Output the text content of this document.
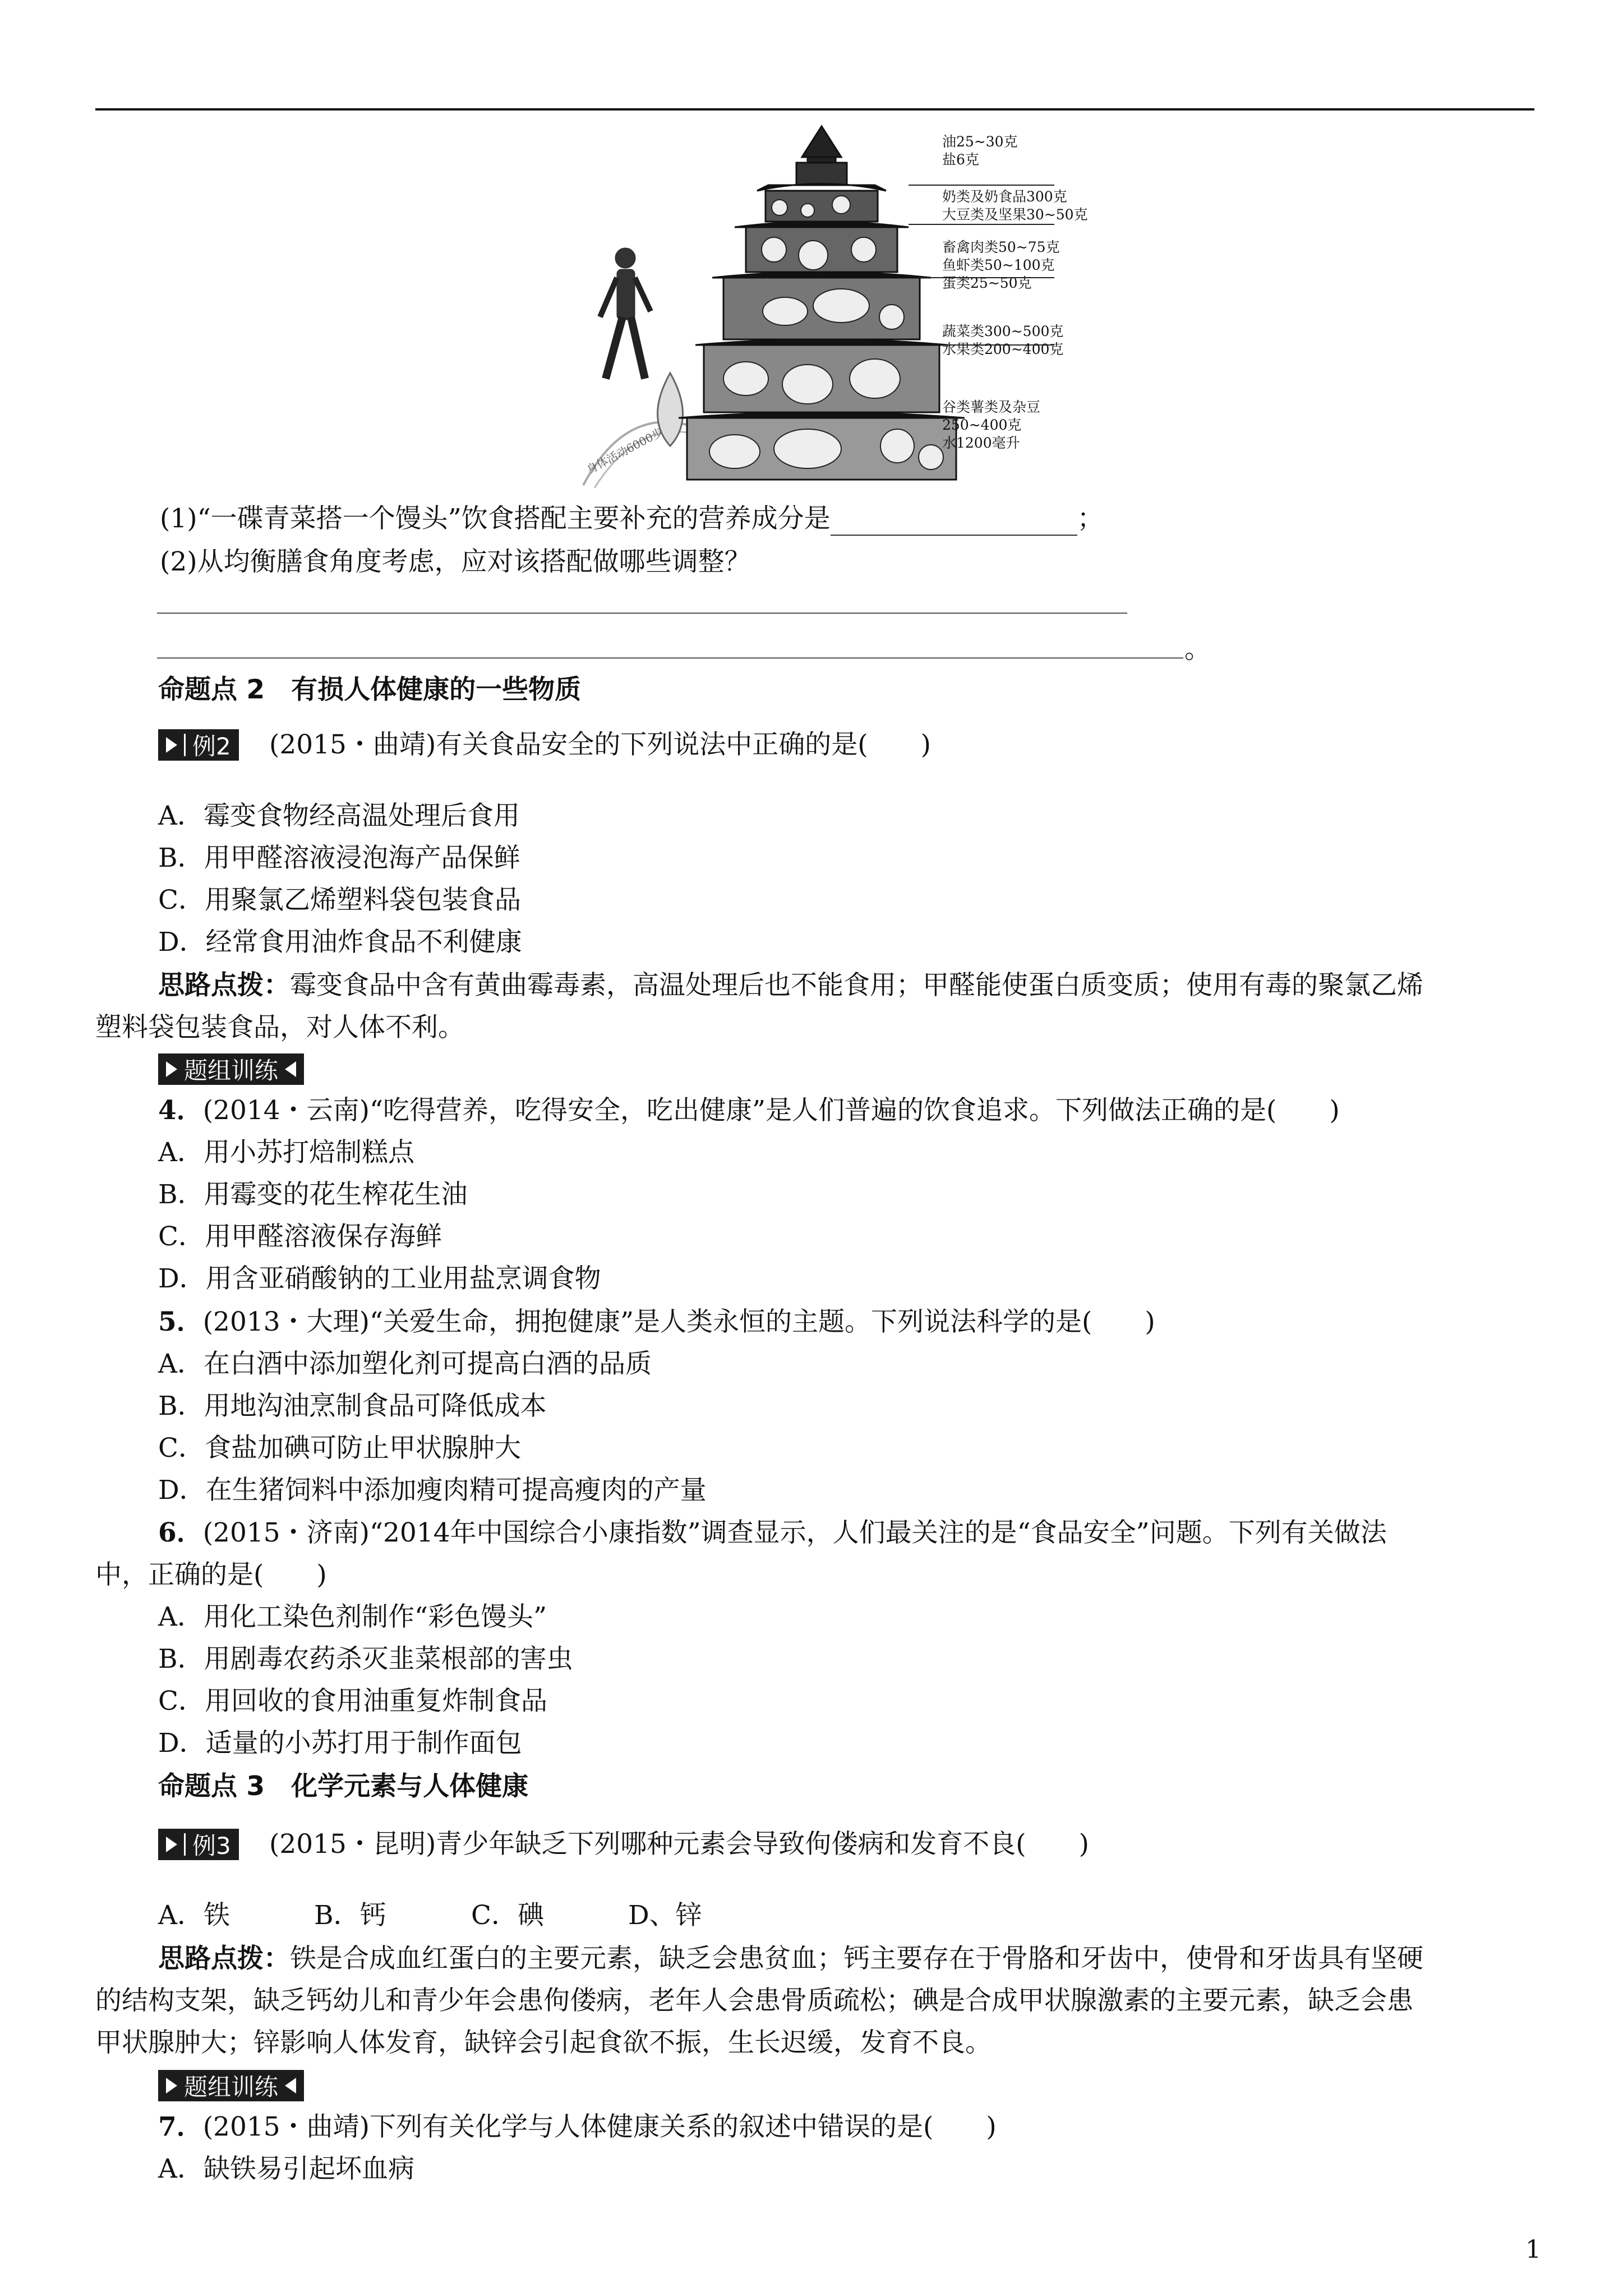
油25~30克
盐6克
奶类及奶食品300克
大豆类及坚果30~50克
畜禽肉类50~75克
鱼虾类50~100克
蛋类25~50克
蔬菜类300~500克
水果类200~400克
谷类薯类及杂豆
250~400克
水1200毫升
身体活动6000步
(1)“一碟青菜搭一个馒头”饮食搭配主要补充的营养成分是	；
(2)从均衡膳食角度考虑，应对该搭配做哪些调整？
。
命题点 2　有损人体健康的一些物质
例2 (2015・曲靖)有关食品安全的下列说法中正确的是(　　)
A．霉变食物经高温处理后食用
B．用甲醛溶液浸泡海产品保鲜
C．用聚氯乙烯塑料袋包装食品
D．经常食用油炸食品不利健康
思路点拨：霉变食品中含有黄曲霉毒素，高温处理后也不能食用；甲醛能使蛋白质变质；使用有毒的聚氯乙烯
塑料袋包装食品，对人体不利。
题组训练
4．(2014・云南)“吃得营养，吃得安全，吃出健康”是人们普遍的饮食追求。下列做法正确的是(　　)
A．用小苏打焙制糕点
B．用霉变的花生榨花生油
C．用甲醛溶液保存海鲜
D．用含亚硝酸钠的工业用盐烹调食物
5．(2013・大理)“关爱生命，拥抱健康”是人类永恒的主题。下列说法科学的是(　　)
A．在白酒中添加塑化剂可提高白酒的品质
B．用地沟油烹制食品可降低成本
C．食盐加碘可防止甲状腺肿大
D．在生猪饲料中添加瘦肉精可提高瘦肉的产量
6．(2015・济南)“2014年中国综合小康指数”调查显示，人们最关注的是“食品安全”问题。下列有关做法
中，正确的是(　　)
A．用化工染色剂制作“彩色馒头”
B．用剧毒农药杀灭韭菜根部的害虫
C．用回收的食用油重复炸制食品
D．适量的小苏打用于制作面包
命题点 3　化学元素与人体健康
例3 (2015・昆明)青少年缺乏下列哪种元素会导致佝偻病和发育不良(　　)
A．铁	B．钙	C．碘	D、锌
思路点拨：铁是合成血红蛋白的主要元素，缺乏会患贫血；钙主要存在于骨胳和牙齿中，使骨和牙齿具有坚硬
的结构支架，缺乏钙幼儿和青少年会患佝偻病，老年人会患骨质疏松；碘是合成甲状腺激素的主要元素，缺乏会患
甲状腺肿大；锌影响人体发育，缺锌会引起食欲不振，生长迟缓，发育不良。
题组训练
7．(2015・曲靖)下列有关化学与人体健康关系的叙述中错误的是(　　)
A．缺铁易引起坏血病
1
